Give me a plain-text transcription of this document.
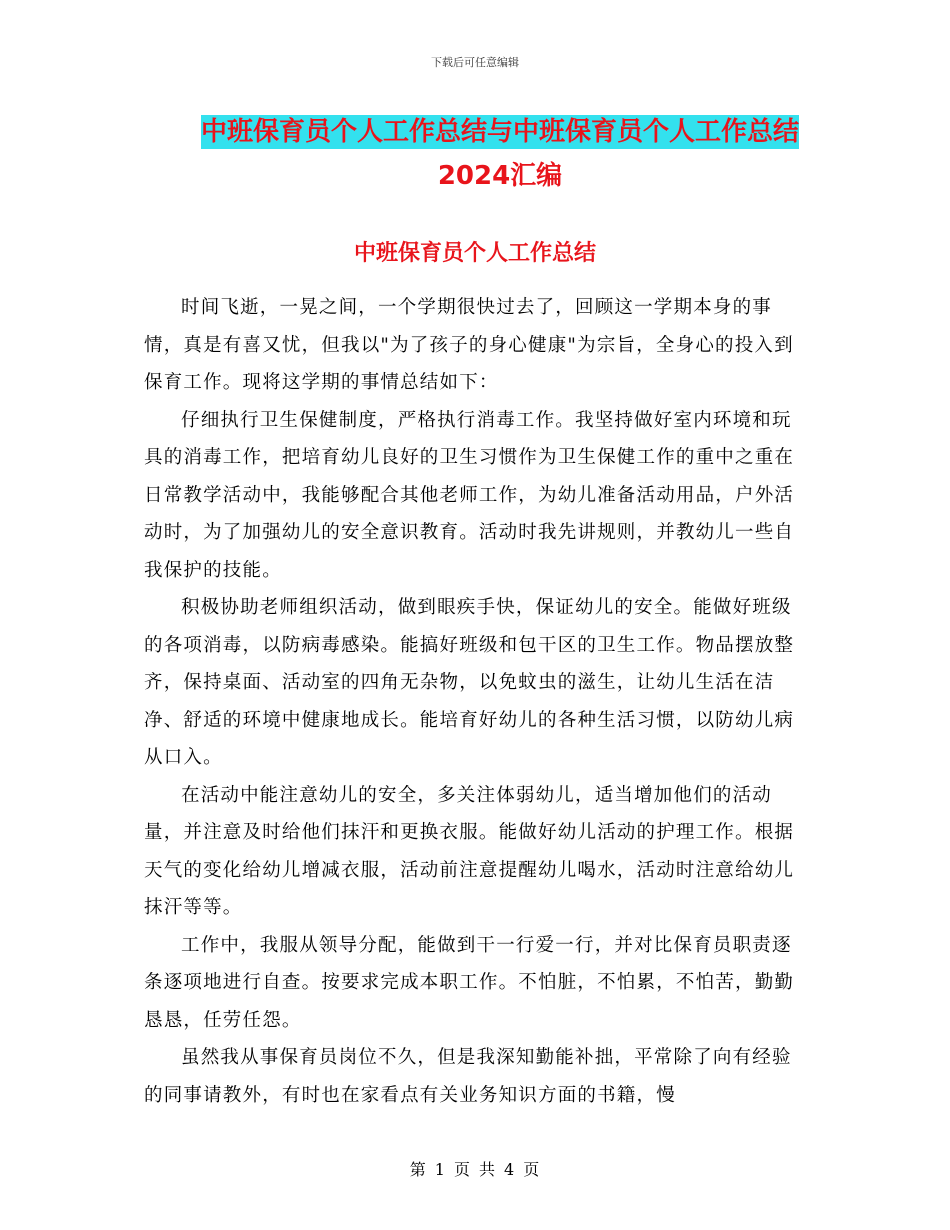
下载后可任意编辑
中班保育员个人工作总结与中班保育员个人工作总结
2024汇编
中班保育员个人工作总结

时间飞逝，一晃之间，一个学期很快过去了，回顾这一学期本身的事情，真是有喜又忧，但我以"为了孩子的身心健康"为宗旨，全身心的投入到保育工作。现将这学期的事情总结如下：

仔细执行卫生保健制度，严格执行消毒工作。我坚持做好室内环境和玩具的消毒工作，把培育幼儿良好的卫生习惯作为卫生保健工作的重中之重在日常教学活动中，我能够配合其他老师工作，为幼儿准备活动用品，户外活动时，为了加强幼儿的安全意识教育。活动时我先讲规则，并教幼儿一些自我保护的技能。

积极协助老师组织活动，做到眼疾手快，保证幼儿的安全。能做好班级的各项消毒，以防病毒感染。能搞好班级和包干区的卫生工作。物品摆放整齐，保持桌面、活动室的四角无杂物，以免蚊虫的滋生，让幼儿生活在洁净、舒适的环境中健康地成长。能培育好幼儿的各种生活习惯，以防幼儿病从口入。

在活动中能注意幼儿的安全，多关注体弱幼儿，适当增加他们的活动量，并注意及时给他们抹汗和更换衣服。能做好幼儿活动的护理工作。根据天气的变化给幼儿增减衣服，活动前注意提醒幼儿喝水，活动时注意给幼儿抹汗等等。

工作中，我服从领导分配，能做到干一行爱一行，并对比保育员职责逐条逐项地进行自查。按要求完成本职工作。不怕脏，不怕累，不怕苦，勤勤恳恳，任劳任怨。

虽然我从事保育员岗位不久，但是我深知勤能补拙，平常除了向有经验的同事请教外，有时也在家看点有关业务知识方面的书籍，慢

第 1 页 共 4 页
